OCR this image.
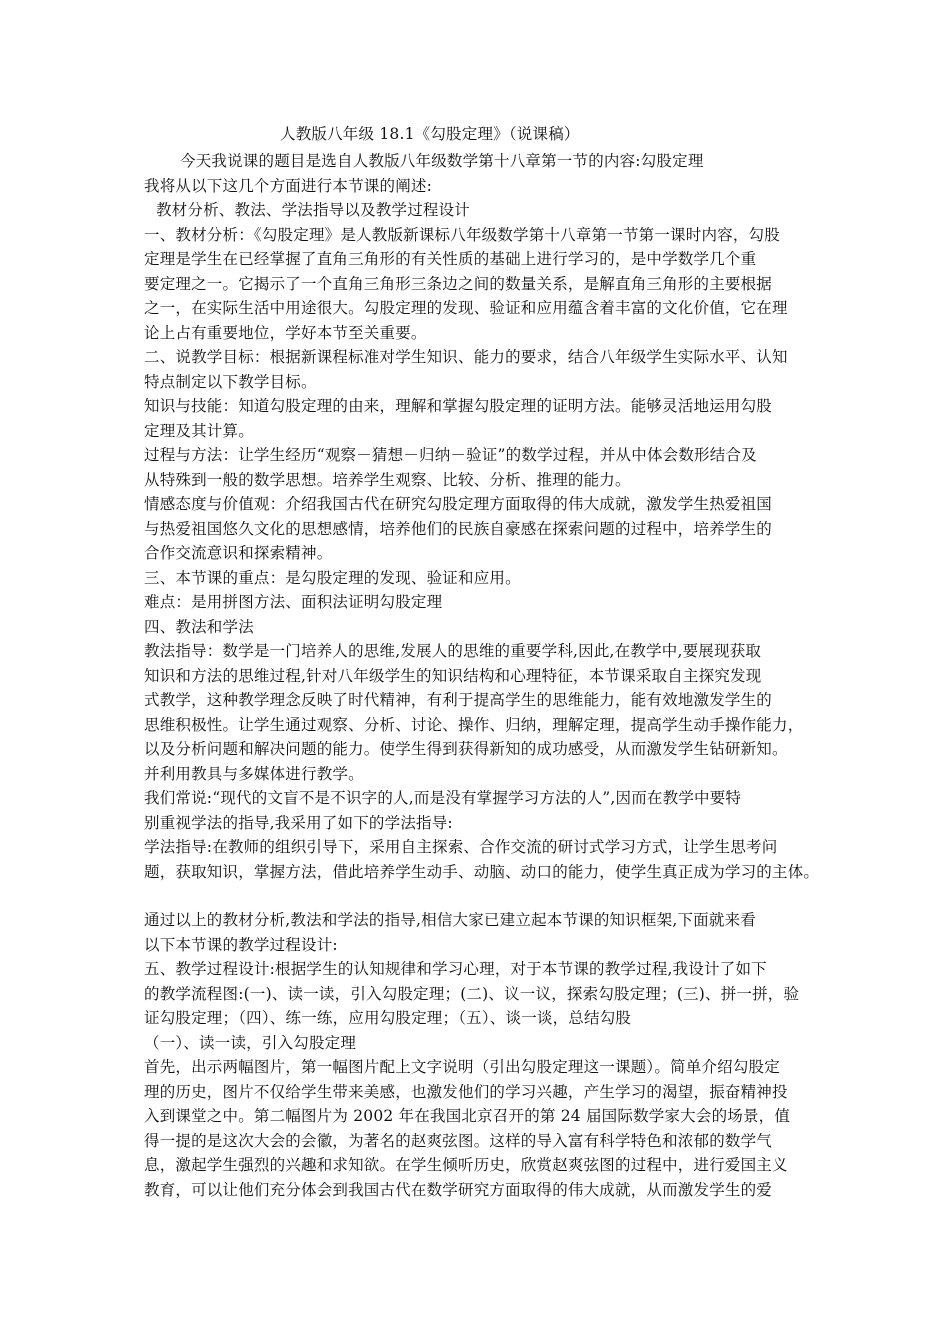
人教版八年级 18.1《勾股定理》（说课稿）
今天我说课的题目是选自人教版八年级数学第十八章第一节的内容:勾股定理
我将从以下这几个方面进行本节课的阐述:
教材分析、教法、学法指导以及教学过程设计
一、教材分析：《勾股定理》是人教版新课标八年级数学第十八章第一节第一课时内容，勾股
定理是学生在已经掌握了直角三角形的有关性质的基础上进行学习的，是中学数学几个重
要定理之一。它揭示了一个直角三角形三条边之间的数量关系，是解直角三角形的主要根据
之一，在实际生活中用途很大。勾股定理的发现、验证和应用蕴含着丰富的文化价值，它在理
论上占有重要地位，学好本节至关重要。
二、说教学目标：根据新课程标准对学生知识、能力的要求，结合八年级学生实际水平、认知
特点制定以下教学目标。
知识与技能：知道勾股定理的由来，理解和掌握勾股定理的证明方法。能够灵活地运用勾股
定理及其计算。
过程与方法：让学生经历“观察－猜想－归纳－验证”的数学过程，并从中体会数形结合及
从特殊到一般的数学思想。培养学生观察、比较、分析、推理的能力。
情感态度与价值观：介绍我国古代在研究勾股定理方面取得的伟大成就，激发学生热爱祖国
与热爱祖国悠久文化的思想感情，培养他们的民族自豪感在探索问题的过程中，培养学生的
合作交流意识和探索精神。
三、本节课的重点：是勾股定理的发现、验证和应用。
难点：是用拼图方法、面积法证明勾股定理
四、教法和学法
教法指导：数学是一门培养人的思维,发展人的思维的重要学科,因此,在教学中,要展现获取
知识和方法的思维过程,针对八年级学生的知识结构和心理特征，本节课采取自主探究发现
式教学，这种教学理念反映了时代精神，有利于提高学生的思维能力，能有效地激发学生的
思维积极性。让学生通过观察、分析、讨论、操作、归纳，理解定理，提高学生动手操作能力，
以及分析问题和解决问题的能力。使学生得到获得新知的成功感受，从而激发学生钻研新知。
并利用教具与多媒体进行教学。
我们常说:“现代的文盲不是不识字的人,而是没有掌握学习方法的人”,因而在教学中要特
别重视学法的指导,我采用了如下的学法指导:
学法指导:在教师的组织引导下，采用自主探索、合作交流的研讨式学习方式，让学生思考问
题，获取知识，掌握方法，借此培养学生动手、动脑、动口的能力，使学生真正成为学习的主体。
通过以上的教材分析,教法和学法的指导,相信大家已建立起本节课的知识框架,下面就来看
以下本节课的教学过程设计:
五、教学过程设计:根据学生的认知规律和学习心理，对于本节课的教学过程,我设计了如下
的教学流程图:(一)、读一读，引入勾股定理；(二)、议一议，探索勾股定理；(三)、拼一拼，验
证勾股定理；（四）、练一练，应用勾股定理；（五）、谈一谈，总结勾股
（一）、读一读，引入勾股定理
首先，出示两幅图片，第一幅图片配上文字说明（引出勾股定理这一课题）。简单介绍勾股定
理的历史，图片不仅给学生带来美感，也激发他们的学习兴趣，产生学习的渴望，振奋精神投
入到课堂之中。第二幅图片为 2002 年在我国北京召开的第 24 届国际数学家大会的场景，值
得一提的是这次大会的会徽，为著名的赵爽弦图。这样的导入富有科学特色和浓郁的数学气
息，激起学生强烈的兴趣和求知欲。在学生倾听历史，欣赏赵爽弦图的过程中，进行爱国主义
教育，可以让他们充分体会到我国古代在数学研究方面取得的伟大成就，从而激发学生的爱
